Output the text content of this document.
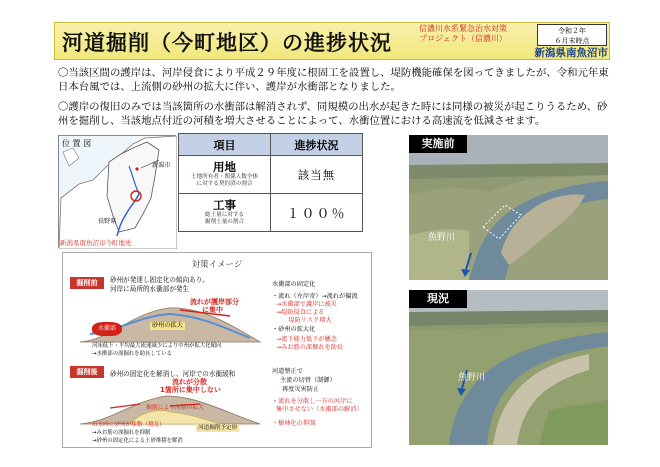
河道掘削（今町地区）の進捗状況
信濃川水系緊急治水対策
プロジェクト（信濃川）
令和２年
６月末時点
新潟県南魚沼市
〇当該区間の護岸は、河岸侵食により平成２９年度に根固工を設置し、堤防機能確保を図ってきましたが、令和元年東日本台風では、上流側の砂州の拡大に伴い、護岸が水衝部となりました。
〇護岸の復旧のみでは当該箇所の水衝部は解消されず、同規模の出水が起きた時には同様の被災が起こりうるため、砂州を掘削し、当該地点付近の河積を増大させることによって、水衝位置における高速流を低減させます。
位 置 図
新潟市
長野県
新潟県南魚沼市今町地先
項目	進捗状況

用地
土地所有者・関係人数全体
に対する契約済の割合	該当無

工事
総土量に対する
掘削土量の割合	１００％
対策イメージ
掘削前	砂州が発達し固定化の傾向あり。
河岸に局所的水衝部が発生
流れが護岸部分
に集中
砂州の拡大
水衝部
河床低下・平均最大流速減少により中州が拡大化傾向
→水衝部の深掘れを助長している
水衝部の固定化
・流れ（左岸寄）→流れが偏流
→水衝部で護岸に被災
→堤防侵食による
　　堤防リスク増大
・砂州の拡大化
→流下能力低下が懸念
→みお筋の深掘れを助長
掘削後	砂州の固定化を解消し、河岸での水衝緩和
流れが分散
1箇所に集中しない
掘削により河積の拡大
河道掘削予定形
出水時に砂州が移動（撹乱）
→みお筋の深掘れを抑制
→砂州の固定化による土砂堆積を解消
河道整正で
主流の切替（制御）
再度災害防止
・流れを分散し一方の河岸に
集中させない（水衝部の解消）
・樹林化の抑制
実施前
魚野川
現況
魚野川
